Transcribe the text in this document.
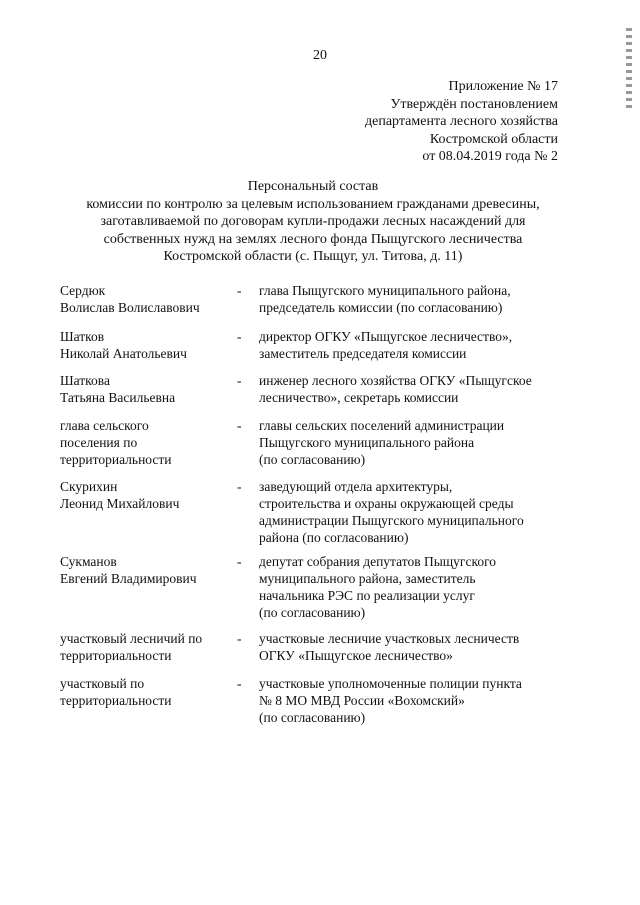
20
Приложение № 17
Утверждён постановлением
департамента лесного хозяйства
Костромской области
от 08.04.2019 года № 2
Персональный состав
комиссии по контролю за целевым использованием гражданами древесины,
заготавливаемой по договорам купли-продажи лесных насаждений для
собственных нужд на землях лесного фонда Пыщугского лесничества
Костромской области (с. Пыщуг, ул. Титова, д. 11)
Сердюк
Волислав Волиславович
- глава Пыщугского муниципального района,
председатель комиссии (по согласованию)
Шатков
Николай Анатольевич
- директор ОГКУ «Пыщугское лесничество»,
заместитель председателя комиссии
Шаткова
Татьяна Васильевна
- инженер лесного хозяйства ОГКУ «Пыщугское
лесничество», секретарь комиссии
глава сельского
поселения по
территориальности
- главы сельских поселений администрации
Пыщугского муниципального района
(по согласованию)
Скурихин
Леонид Михайлович
- заведующий отдела архитектуры,
строительства и охраны окружающей среды
администрации Пыщугского муниципального
района (по согласованию)
Сукманов
Евгений Владимирович
- депутат собрания депутатов Пыщугского
муниципального района, заместитель
начальника РЭС по реализации услуг
(по согласованию)
участковый лесничий по
территориальности
- участковые лесничие участковых лесничеств
ОГКУ «Пыщугское лесничество»
участковый по
территориальности
- участковые уполномоченные полиции пункта
№ 8 МО МВД России «Вохомский»
(по согласованию)
